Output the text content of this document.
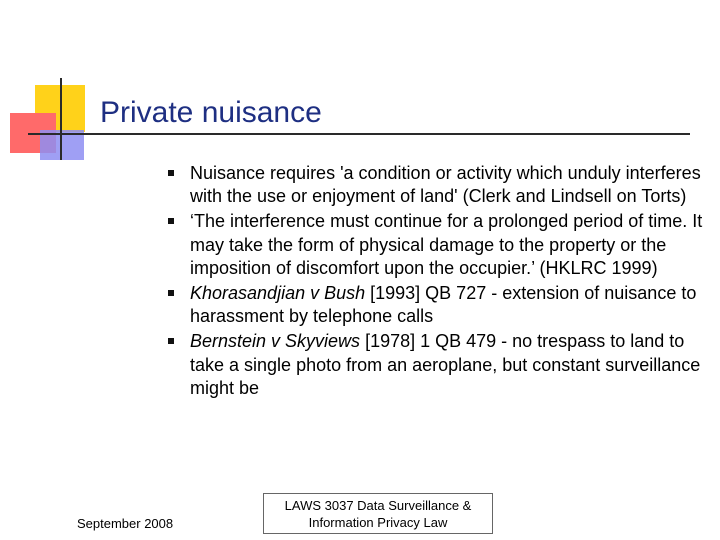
Private nuisance
Nuisance requires 'a condition or activity which unduly interferes with the use or enjoyment of land' (Clerk and Lindsell on Torts)
‘The interference must continue for a prolonged period of time. It may take the form of physical damage to the property or the imposition of discomfort upon the occupier.’ (HKLRC 1999)
Khorasandjian v Bush [1993] QB 727 - extension of nuisance to harassment by telephone calls
Bernstein v Skyviews [1978] 1 QB 479 - no trespass to land to take a single photo from an aeroplane, but constant surveillance might be
September 2008
LAWS 3037 Data Surveillance &
Information Privacy Law
